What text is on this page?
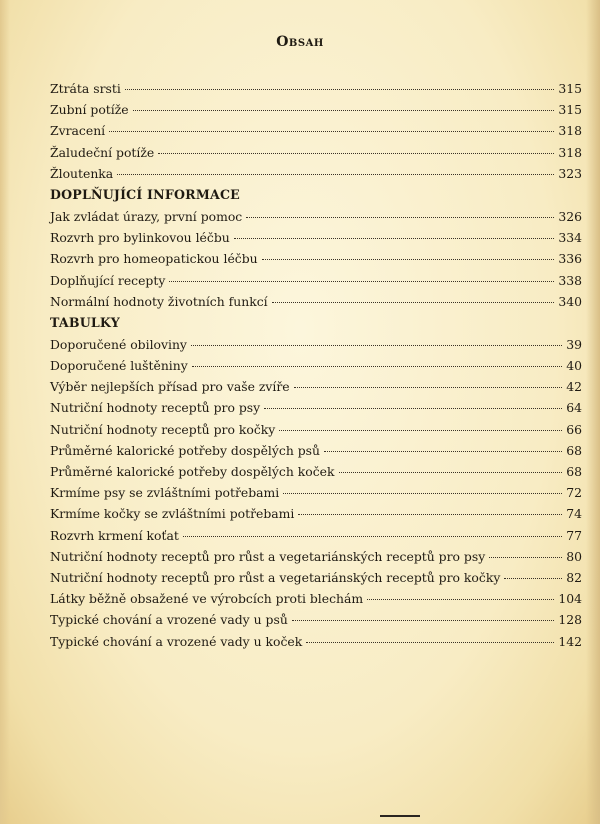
Obsah
Ztráta srsti	315
Zubní potíže	315
Zvracení	318
Žaludeční potíže	318
Žloutenka	323
DOPLŇUJÍCÍ INFORMACE
Jak zvládat úrazy, první pomoc	326
Rozvrh pro bylinkovou léčbu	334
Rozvrh pro homeopatickou léčbu	336
Doplňující recepty	338
Normální hodnoty životních funkcí	340
TABULKY
Doporučené obiloviny	39
Doporučené luštěniny	40
Výběr nejlepších přísad pro vaše zvíře	42
Nutriční hodnoty receptů pro psy	64
Nutriční hodnoty receptů pro kočky	66
Průměrné kalorické potřeby dospělých psů	68
Průměrné kalorické potřeby dospělých koček	68
Krmíme psy se zvláštními potřebami	72
Krmíme kočky se zvláštními potřebami	74
Rozvrh krmení koťat	77
Nutriční hodnoty receptů pro růst a vegetariánských receptů pro psy	80
Nutriční hodnoty receptů pro růst a vegetariánských receptů pro kočky	82
Látky běžně obsažené ve výrobcích proti blechám	104
Typické chování a vrozené vady u psů	128
Typické chování a vrozené vady u koček	142
